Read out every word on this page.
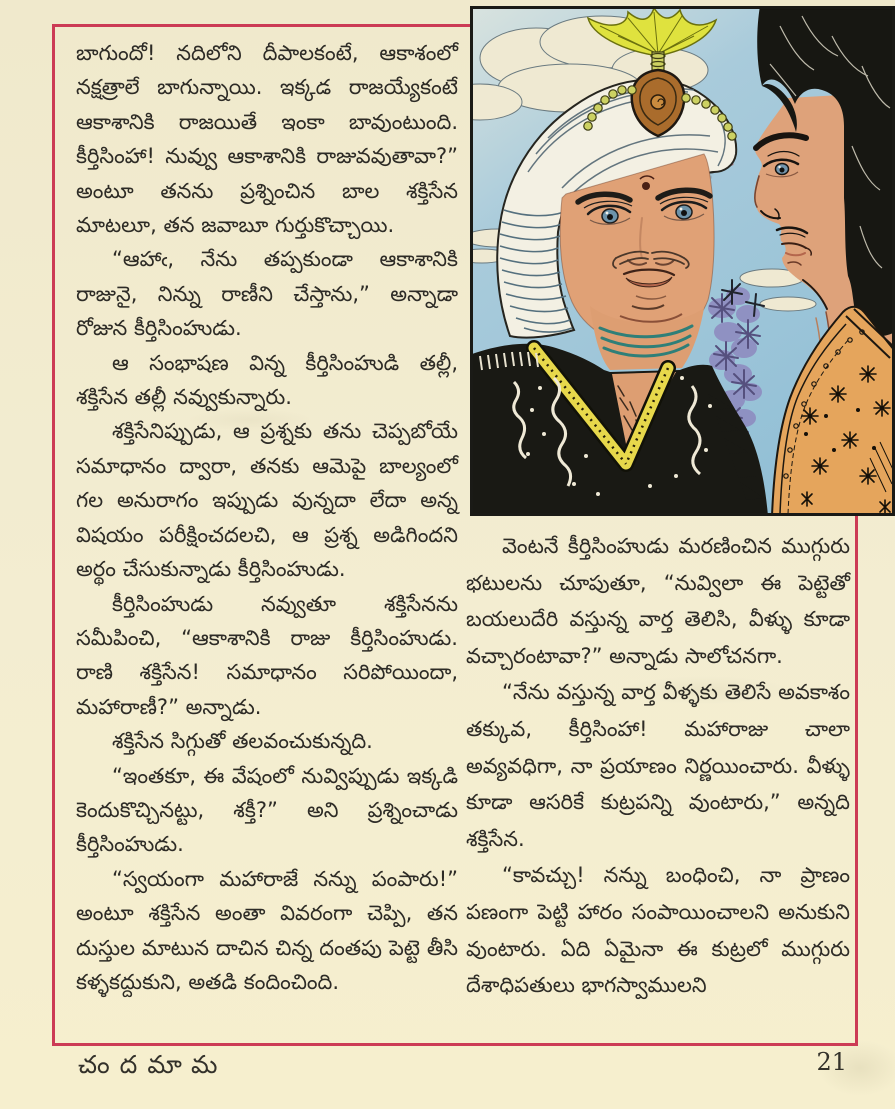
బాగుందో! నదిలోని దీపాలకంటే, ఆకాశంలో నక్షత్రాలే బాగున్నాయి. ఇక్కడ రాజయ్యేకంటే ఆకాశానికి రాజయితే ఇంకా బావుంటుంది. కీర్తిసింహా! నువ్వు ఆకాశానికి రాజువవుతావా?” అంటూ తనను ప్రశ్నించిన బాల శక్తిసేన మాటలూ, తన జవాబూ గుర్తుకొచ్చాయి.

“ఆహాఁ, నేను తప్పకుండా ఆకాశానికి రాజునై, నిన్ను రాణీని చేస్తాను,” అన్నాడా రోజున కీర్తిసింహుడు.

ఆ సంభాషణ విన్న కీర్తిసింహుడి తల్లీ, శక్తిసేన తల్లీ నవ్వుకున్నారు.

శక్తిసేనిప్పుడు, ఆ ప్రశ్నకు తను చెప్పబోయే సమాధానం ద్వారా, తనకు ఆమెపై బాల్యంలో గల అనురాగం ఇప్పుడు వున్నదా లేదా అన్న విషయం పరీక్షించదలచి, ఆ ప్రశ్న అడిగిందని అర్థం చేసుకున్నాడు కీర్తిసింహుడు.

కీర్తిసింహుడు నవ్వుతూ శక్తిసేనను సమీపించి, “ఆకాశానికి రాజు కీర్తిసింహుడు. రాణి శక్తిసేన! సమాధానం సరిపోయిందా, మహారాణీ?” అన్నాడు.

శక్తిసేన సిగ్గుతో తలవంచుకున్నది.

“ఇంతకూ, ఈ వేషంలో నువ్విప్పుడు ఇక్కడి కెందుకొచ్చినట్టు, శక్తీ?” అని ప్రశ్నించాడు కీర్తిసింహుడు.

“స్వయంగా మహారాజే నన్ను పంపారు!” అంటూ శక్తిసేన అంతా వివరంగా చెప్పి, తన దుస్తుల మాటున దాచిన చిన్న దంతపు పెట్టె తీసి కళ్ళకద్దుకుని, అతడి కందించింది.

వెంటనే కీర్తిసింహుడు మరణించిన ముగ్గురు భటులను చూపుతూ, “నువ్విలా ఈ పెట్టెతో బయలుదేరి వస్తున్న వార్త తెలిసి, వీళ్ళు కూడా వచ్చారంటావా?” అన్నాడు సాలోచనగా.

“నేను వస్తున్న వార్త వీళ్ళకు తెలిసే అవకాశం తక్కువ, కీర్తిసింహా! మహారాజు చాలా అవ్యవధిగా, నా ప్రయాణం నిర్ణయించారు. వీళ్ళు కూడా ఆసరికే కుట్రపన్ని వుంటారు,” అన్నది శక్తిసేన.

“కావచ్చు! నన్ను బంధించి, నా ప్రాణం పణంగా పెట్టి హారం సంపాయించాలని అనుకుని వుంటారు. ఏది ఏమైనా ఈ కుట్రలో ముగ్గురు దేశాధిపతులు భాగస్వాములని

చందమామ	21
